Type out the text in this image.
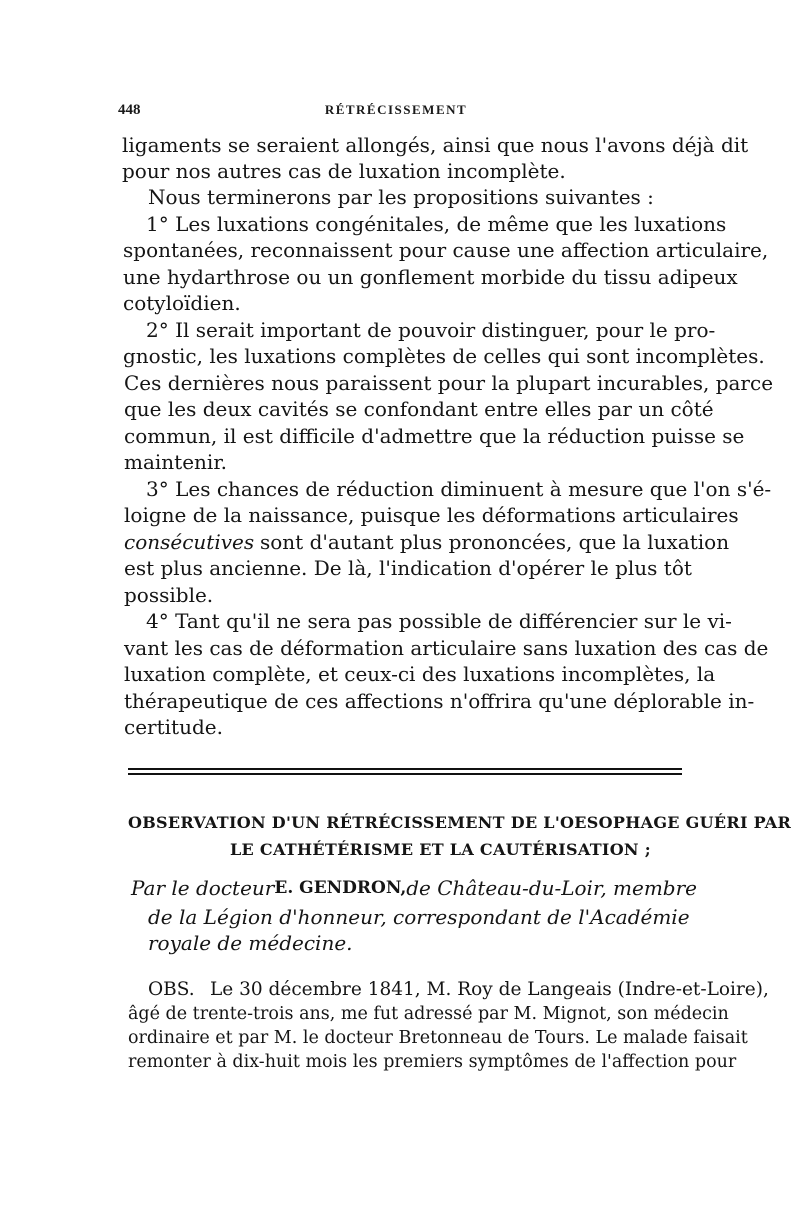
448	RÉTRÉCISSEMENT
ligaments se seraient allongés, ainsi que nous l'avons déjà dit
pour nos autres cas de luxation incomplète.
Nous terminerons par les propositions suivantes :
1° Les luxations congénitales, de même que les luxations
spontanées, reconnaissent pour cause une affection articulaire,
une hydarthrose ou un gonflement morbide du tissu adipeux
cotyloïdien.
2° Il serait important de pouvoir distinguer, pour le pro-
gnostic, les luxations complètes de celles qui sont incomplètes.
Ces dernières nous paraissent pour la plupart incurables, parce
que les deux cavités se confondant entre elles par un côté
commun, il est difficile d'admettre que la réduction puisse se
maintenir.
3° Les chances de réduction diminuent à mesure que l'on s'é-
loigne de la naissance, puisque les déformations articulaires
consécutives sont d'autant plus prononcées, que la luxation
est plus ancienne. De là, l'indication d'opérer le plus tôt
possible.
4° Tant qu'il ne sera pas possible de différencier sur le vi-
vant les cas de déformation articulaire sans luxation des cas de
luxation complète, et ceux-ci des luxations incomplètes, la
thérapeutique de ces affections n'offrira qu'une déplorable in-
certitude.
OBSERVATION D'UN RÉTRÉCISSEMENT DE L'OESOPHAGE GUÉRI PAR
LE CATHÉTÉRISME ET LA CAUTÉRISATION ;
Par le docteur E. GENDRON, de Château-du-Loir, membre
de la Légion d'honneur, correspondant de l'Académie
royale de médecine.
OBS. Le 30 décembre 1841, M. Roy de Langeais (Indre-et-Loire),
âgé de trente-trois ans, me fut adressé par M. Mignot, son médecin
ordinaire et par M. le docteur Bretonneau de Tours. Le malade faisait
remonter à dix-huit mois les premiers symptômes de l'affection pour
